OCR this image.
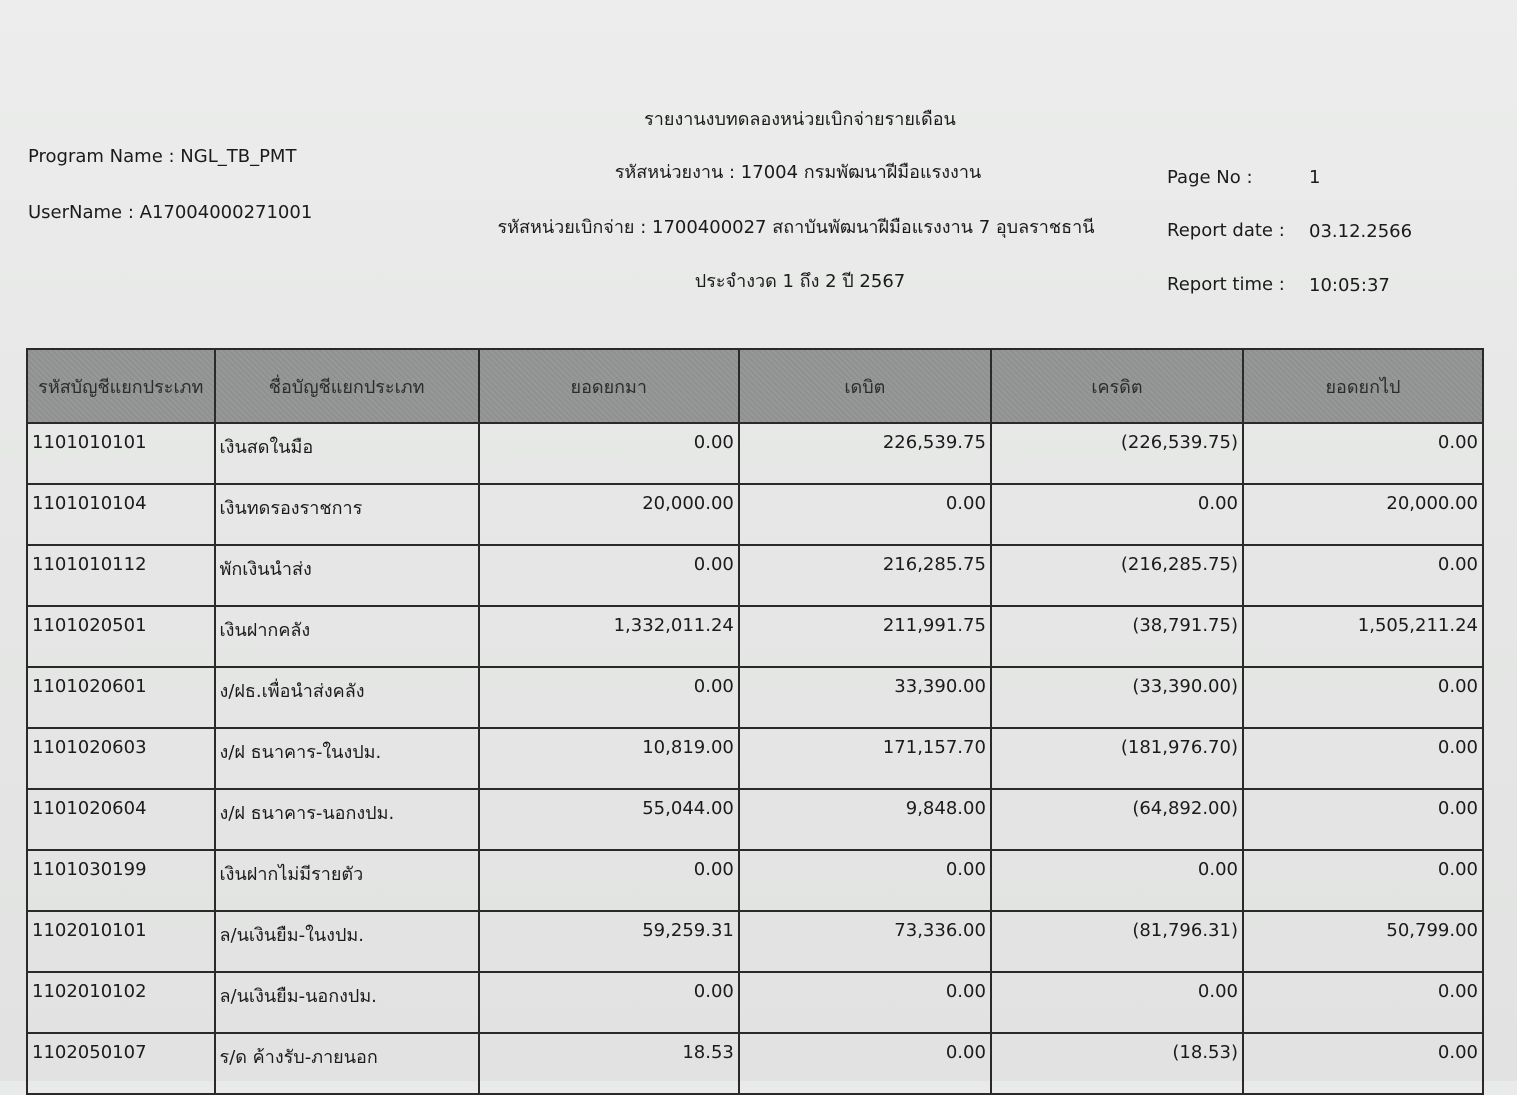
รายงานงบทดลองหน่วยเบิกจ่ายรายเดือน
รหัสหน่วยงาน : 17004 กรมพัฒนาฝีมือแรงงาน
รหัสหน่วยเบิกจ่าย : 1700400027 สถาบันพัฒนาฝีมือแรงงาน 7 อุบลราชธานี
ประจำงวด 1 ถึง 2 ปี 2567
Program Name : NGL_TB_PMT
UserName : A17004000271001
Page No :	1
Report date : 03.12.2566
Report time : 10:05:37
รหัสบัญชีแยกประเภท	ชื่อบัญชีแยกประเภท	ยอดยกมา	เดบิต	เครดิต	ยอดยกไป
1101010101	เงินสดในมือ	0.00	226,539.75	(226,539.75)	0.00
1101010104	เงินทดรองราชการ	20,000.00	0.00	0.00	20,000.00
1101010112	พักเงินนำส่ง	0.00	216,285.75	(216,285.75)	0.00
1101020501	เงินฝากคลัง	1,332,011.24	211,991.75	(38,791.75)	1,505,211.24
1101020601	ง/ฝธ.เพื่อนำส่งคลัง	0.00	33,390.00	(33,390.00)	0.00
1101020603	ง/ฝ ธนาคาร-ในงปม.	10,819.00	171,157.70	(181,976.70)	0.00
1101020604	ง/ฝ ธนาคาร-นอกงปม.	55,044.00	9,848.00	(64,892.00)	0.00
1101030199	เงินฝากไม่มีรายตัว	0.00	0.00	0.00	0.00
1102010101	ล/นเงินยืม-ในงปม.	59,259.31	73,336.00	(81,796.31)	50,799.00
1102010102	ล/นเงินยืม-นอกงปม.	0.00	0.00	0.00	0.00
1102050107	ร/ด ค้างรับ-ภายนอก	18.53	0.00	(18.53)	0.00
